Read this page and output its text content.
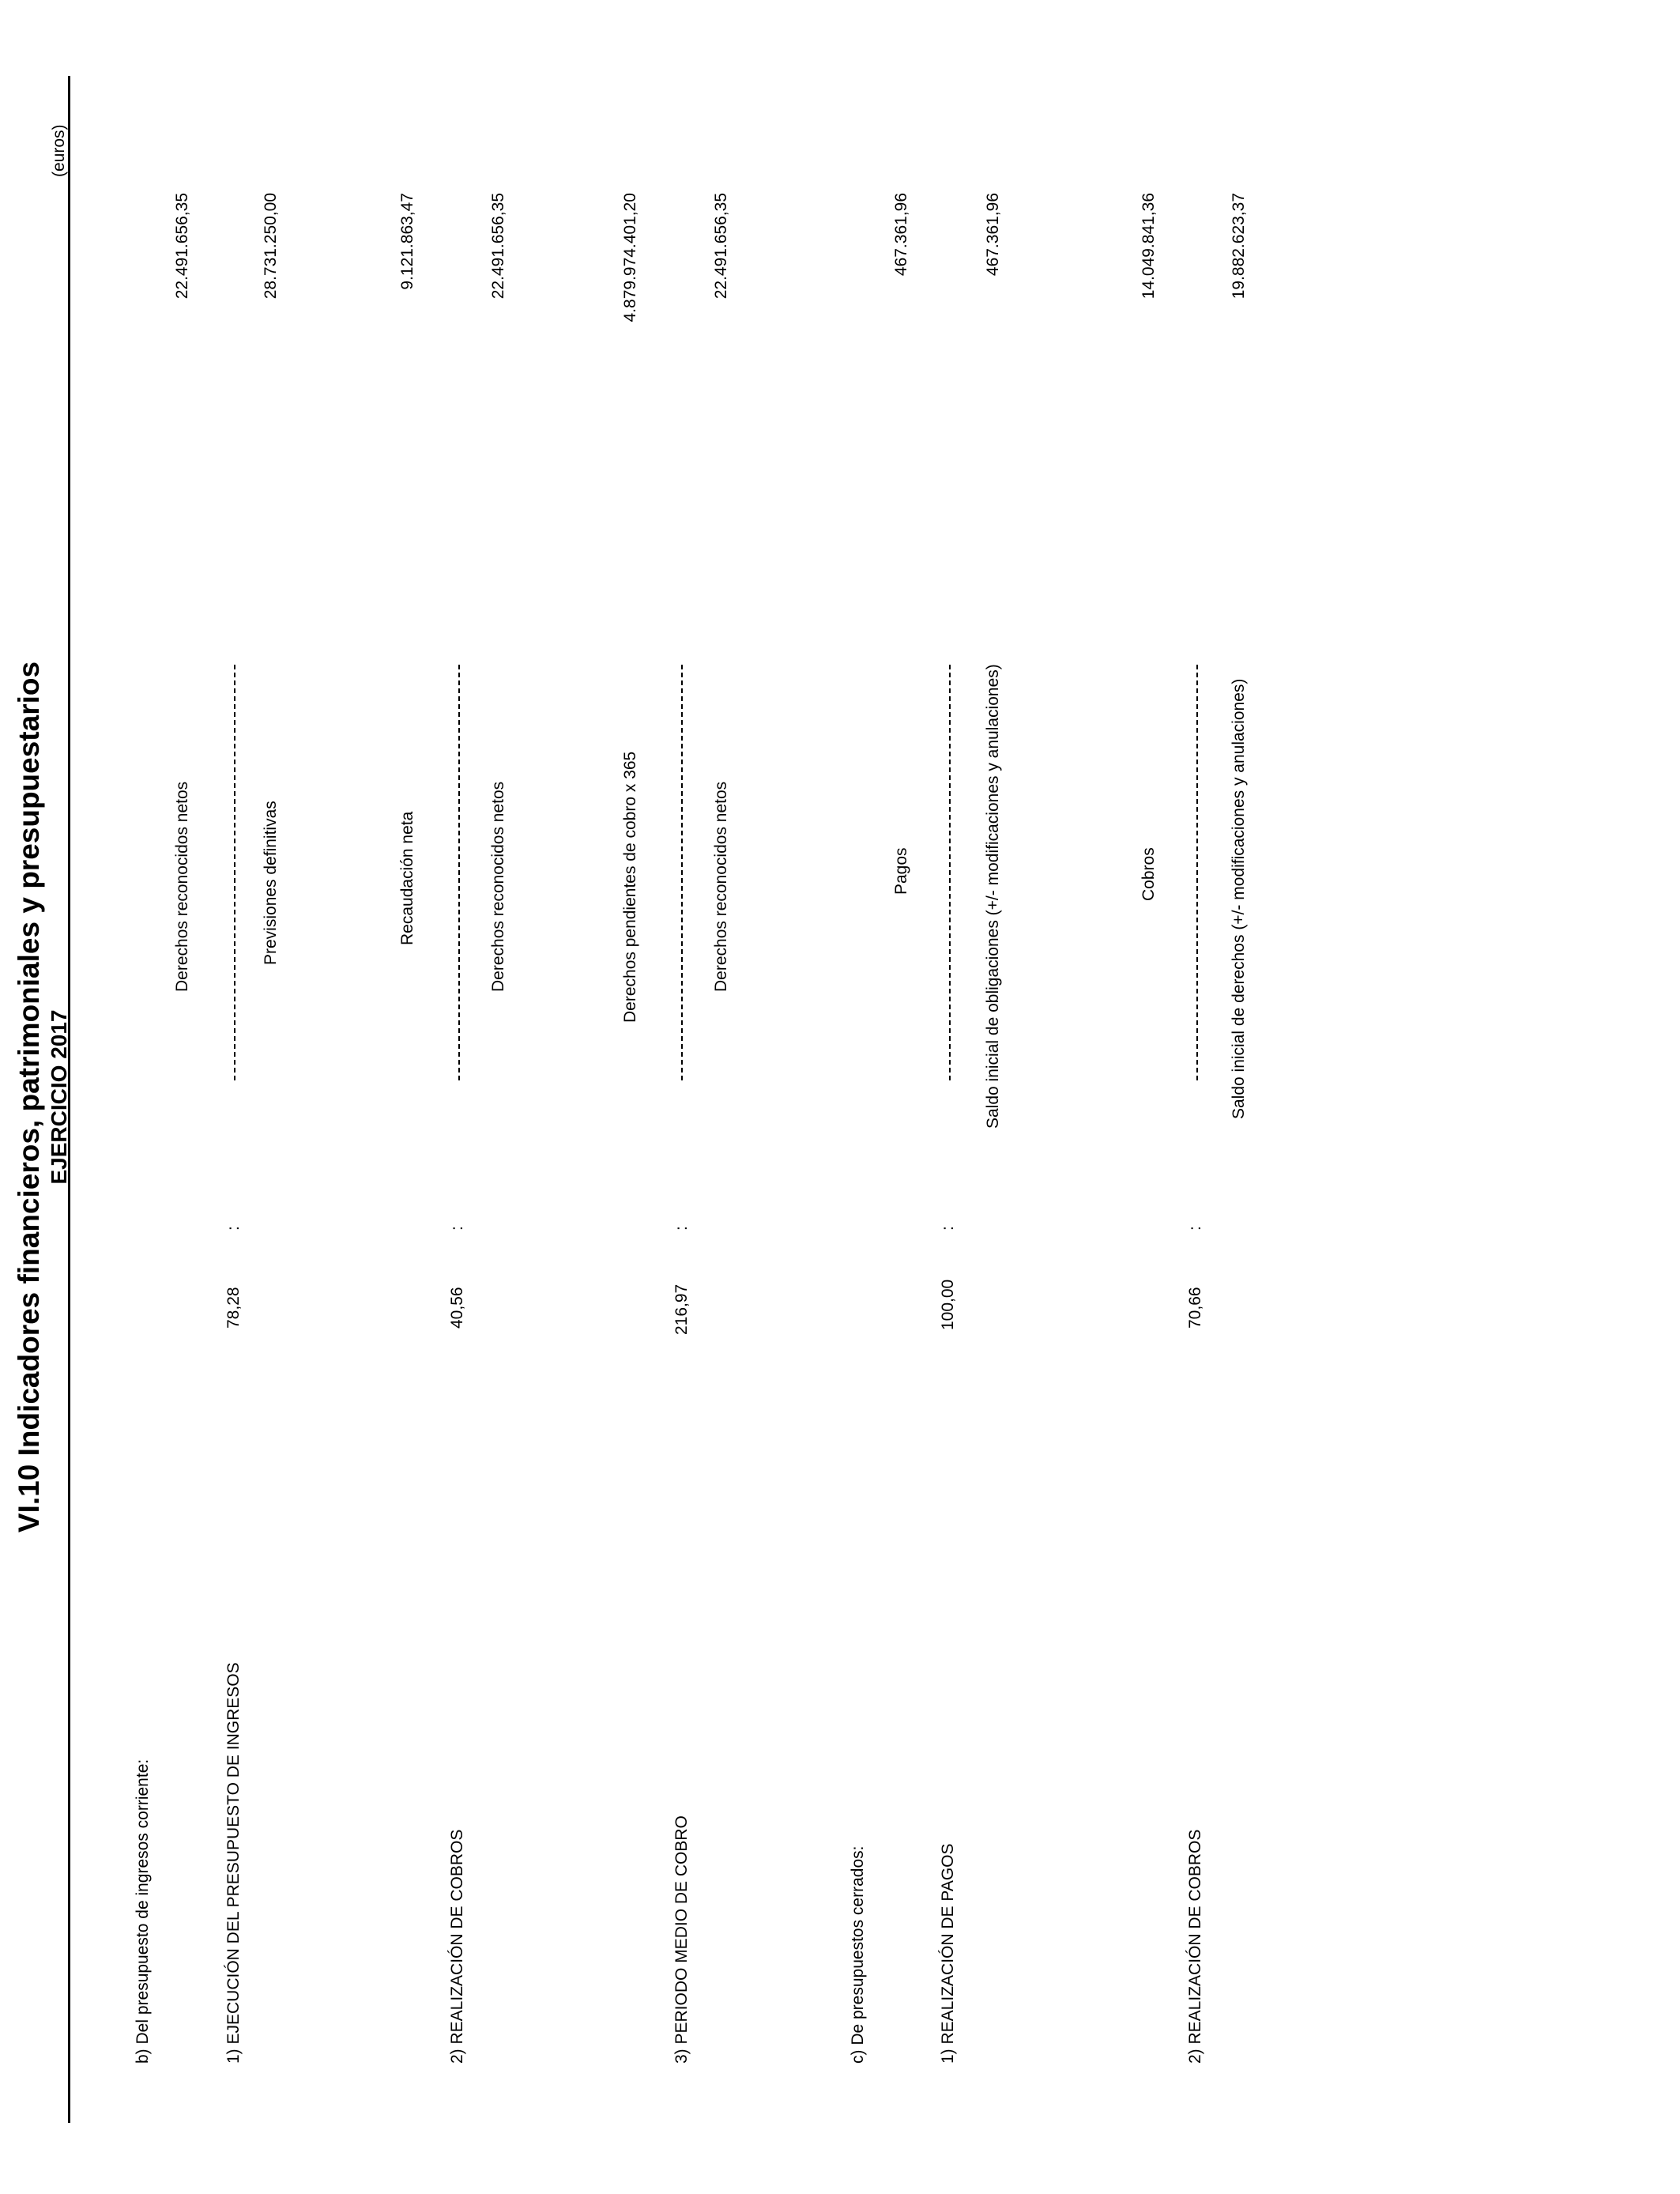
VI.10 Indicadores financieros, patrimoniales y presupuestarios EJERCICIO 2017
(euros)
b) Del presupuesto de ingresos corriente:	1) EJECUCIÓN DEL PRESUPUESTO DE INGRESOS
78,28
:
Derechos reconocidos netos	Previsiones definitivas
22.491.656,35	28.731.250,00
2) REALIZACIÓN DE COBROS
40,56
:
Recaudación neta	Derechos reconocidos netos
9.121.863,47	22.491.656,35
3) PERIODO MEDIO DE COBRO
216,97
:
Derechos pendientes de cobro x 365	Derechos reconocidos netos
4.879.974.401,20	22.491.656,35
c) De presupuestos cerrados:	1) REALIZACIÓN DE PAGOS
100,00
:
Pagos	Saldo inicial de obligaciones (+/- modificaciones y anulaciones)
467.361,96	467.361,96
2) REALIZACIÓN DE COBROS
70,66
:
Cobros	Saldo inicial de derechos (+/- modificaciones y anulaciones)
14.049.841,36	19.882.623,37
